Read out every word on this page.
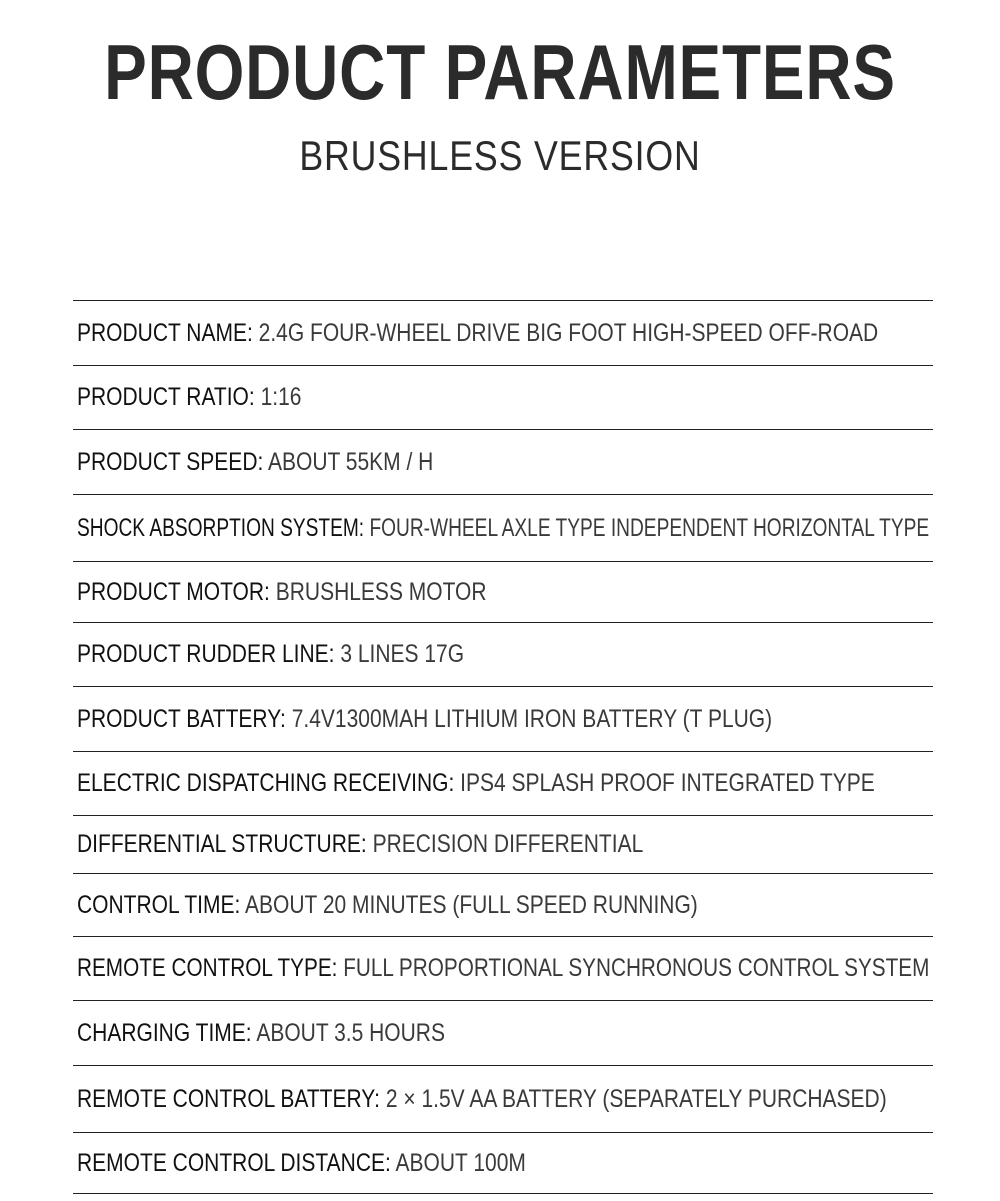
PRODUCT PARAMETERS
BRUSHLESS VERSION
PRODUCT NAME: 2.4G FOUR-WHEEL DRIVE BIG FOOT HIGH-SPEED OFF-ROAD
PRODUCT RATIO: 1:16
PRODUCT SPEED: ABOUT 55KM / H
SHOCK ABSORPTION SYSTEM: FOUR-WHEEL AXLE TYPE INDEPENDENT HORIZONTAL TYPE
PRODUCT MOTOR: BRUSHLESS MOTOR
PRODUCT RUDDER LINE: 3 LINES 17G
PRODUCT BATTERY: 7.4V1300MAH LITHIUM IRON BATTERY (T PLUG)
ELECTRIC DISPATCHING RECEIVING: IPS4 SPLASH PROOF INTEGRATED TYPE
DIFFERENTIAL STRUCTURE: PRECISION DIFFERENTIAL
CONTROL TIME: ABOUT 20 MINUTES (FULL SPEED RUNNING)
REMOTE CONTROL TYPE: FULL PROPORTIONAL SYNCHRONOUS CONTROL SYSTEM
CHARGING TIME: ABOUT 3.5 HOURS
REMOTE CONTROL BATTERY: 2 × 1.5V AA BATTERY (SEPARATELY PURCHASED)
REMOTE CONTROL DISTANCE: ABOUT 100M
